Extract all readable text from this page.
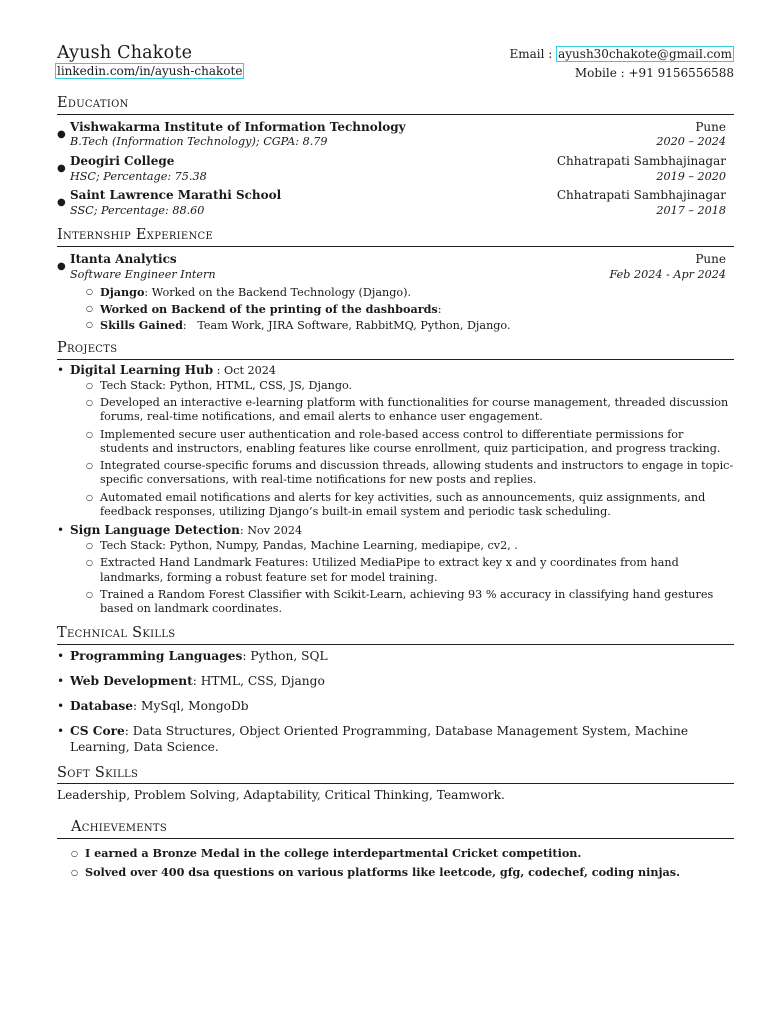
Ayush Chakote
linkedin.com/in/ayush-chakote
Email : ayush30chakote@gmail.com
Mobile : +91 9156556588
Education
●
Vishwakarma Institute of Information Technology	Pune
B.Tech (Information Technology); CGPA: 8.79	2020 – 2024
●
Deogiri College	Chhatrapati Sambhajinagar
HSC; Percentage: 75.38	2019 – 2020
●
Saint Lawrence Marathi School	Chhatrapati Sambhajinagar
SSC; Percentage: 88.60	2017 – 2018
Internship Experience
●
Itanta Analytics	Pune
Software Engineer Intern	Feb 2024 - Apr 2024
○ Django: Worked on the Backend Technology (Django).
○ Worked on Backend of the printing of the dashboards:
○ Skills Gained:   Team Work, JIRA Software, RabbitMQ, Python, Django.
Projects
• Digital Learning Hub : Oct 2024
○ Tech Stack: Python, HTML, CSS, JS, Django.
○ Developed an interactive e-learning platform with functionalities for course management, threaded discussion forums, real-time notifications, and email alerts to enhance user engagement.
○ Implemented secure user authentication and role-based access control to differentiate permissions for students and instructors, enabling features like course enrollment, quiz participation, and progress tracking.
○ Integrated course-specific forums and discussion threads, allowing students and instructors to engage in topic-specific conversations, with real-time notifications for new posts and replies.
○ Automated email notifications and alerts for key activities, such as announcements, quiz assignments, and feedback responses, utilizing Django’s built-in email system and periodic task scheduling.
• Sign Language Detection: Nov 2024
○ Tech Stack: Python, Numpy, Pandas, Machine Learning, mediapipe, cv2, .
○ Extracted Hand Landmark Features: Utilized MediaPipe to extract key x and y coordinates from hand landmarks, forming a robust feature set for model training.
○ Trained a Random Forest Classifier with Scikit-Learn, achieving 93 % accuracy in classifying hand gestures based on landmark coordinates.
Technical Skills
• Programming Languages: Python, SQL
• Web Development: HTML, CSS, Django
• Database: MySql, MongoDb
• CS Core: Data Structures, Object Oriented Programming, Database Management System, Machine Learning, Data Science.
Soft Skills
Leadership, Problem Solving, Adaptability, Critical Thinking, Teamwork.
Achievements
○ I earned a Bronze Medal in the college interdepartmental Cricket competition.
○ Solved over 400 dsa questions on various platforms like leetcode, gfg, codechef, coding ninjas.
